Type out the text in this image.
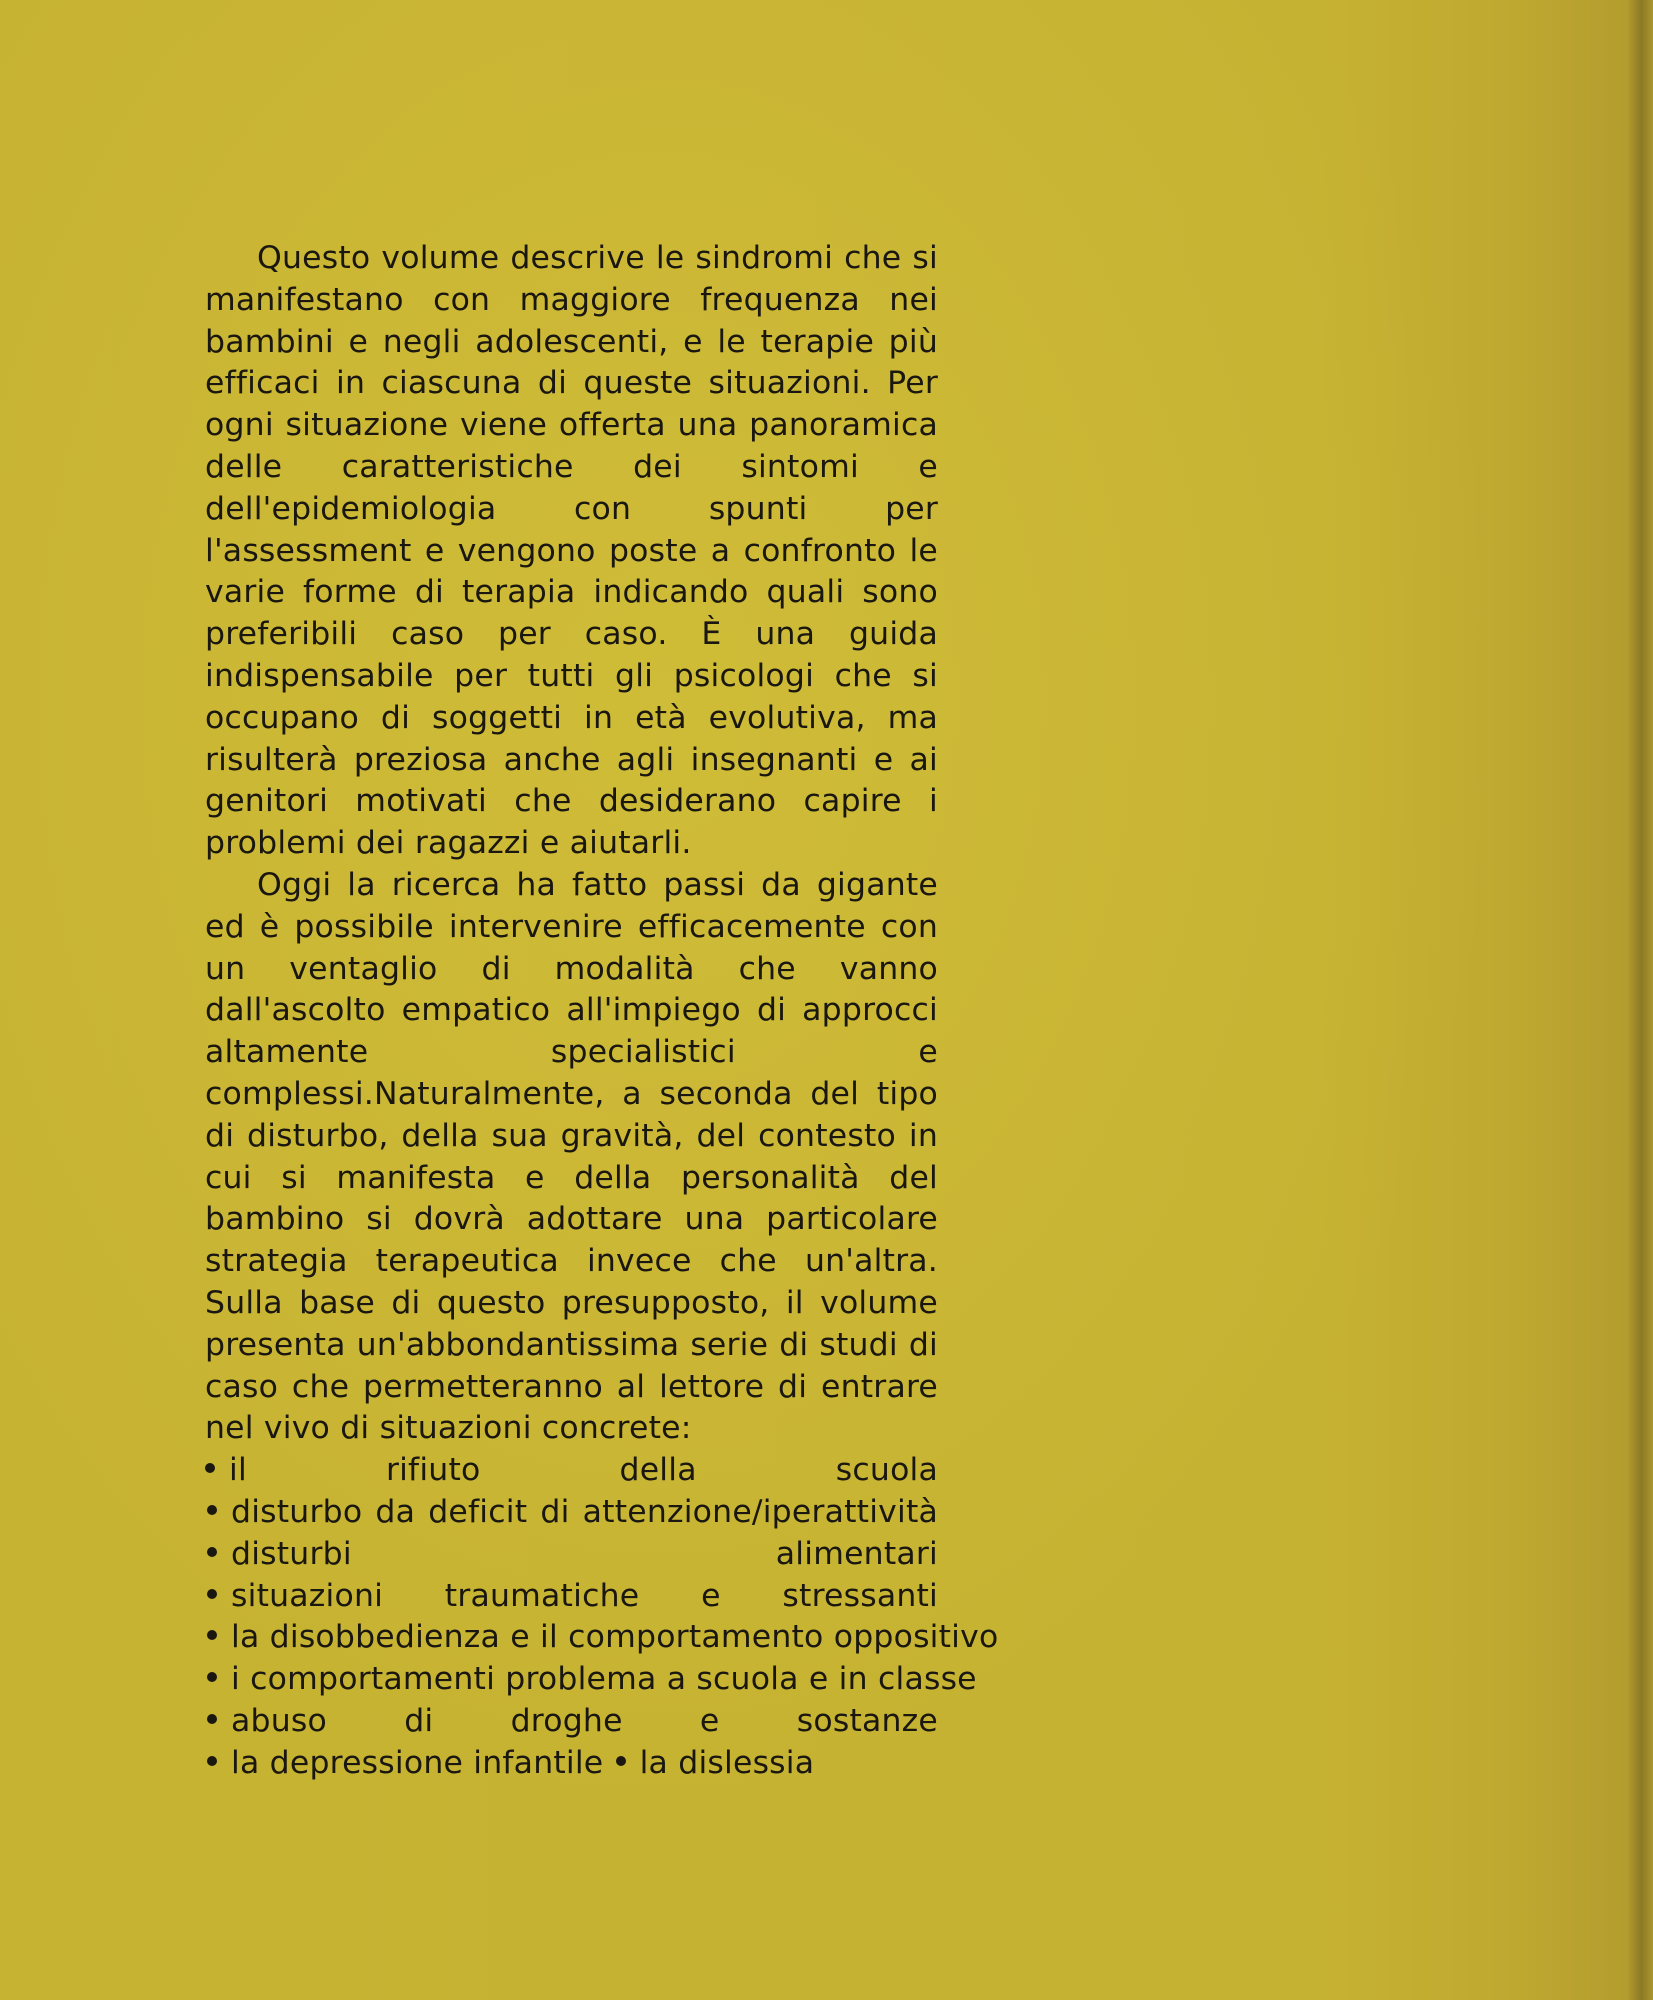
Questo volume descrive le sindromi che si manifestano con maggiore frequenza nei bambini e negli adolescenti, e le terapie più efficaci in ciascuna di queste situazioni. Per ogni situazione viene offerta una panoramica delle caratteristiche dei sintomi e dell'epidemiologia con spunti per l'assessment e vengono poste a confronto le varie forme di terapia indicando quali sono preferibili caso per caso. È una guida indispensabile per tutti gli psicologi che si occupano di soggetti in età evolutiva, ma risulterà preziosa anche agli insegnanti e ai genitori motivati che desiderano capire i problemi dei ragazzi e aiutarli.

Oggi la ricerca ha fatto passi da gigante ed è possibile intervenire efficacemente con un ventaglio di modalità che vanno dall'ascolto empatico all'impiego di approcci altamente specialistici e complessi.Naturalmente, a seconda del tipo di disturbo, della sua gravità, del contesto in cui si manifesta e della personalità del bambino si dovrà adottare una particolare strategia terapeutica invece che un'altra. Sulla base di questo presupposto, il volume presenta un'abbondantissima serie di studi di caso che permetteranno al lettore di entrare nel vivo di situazioni concrete:

il rifiuto della scuola disturbo da deficit di attenzione/iperattività disturbi alimentari situazioni traumatiche e stressanti la disobbedienza e il comportamento oppositivo i comportamenti problema a scuola e in classe abuso di droghe e sostanze la depressione infantile la dislessia
